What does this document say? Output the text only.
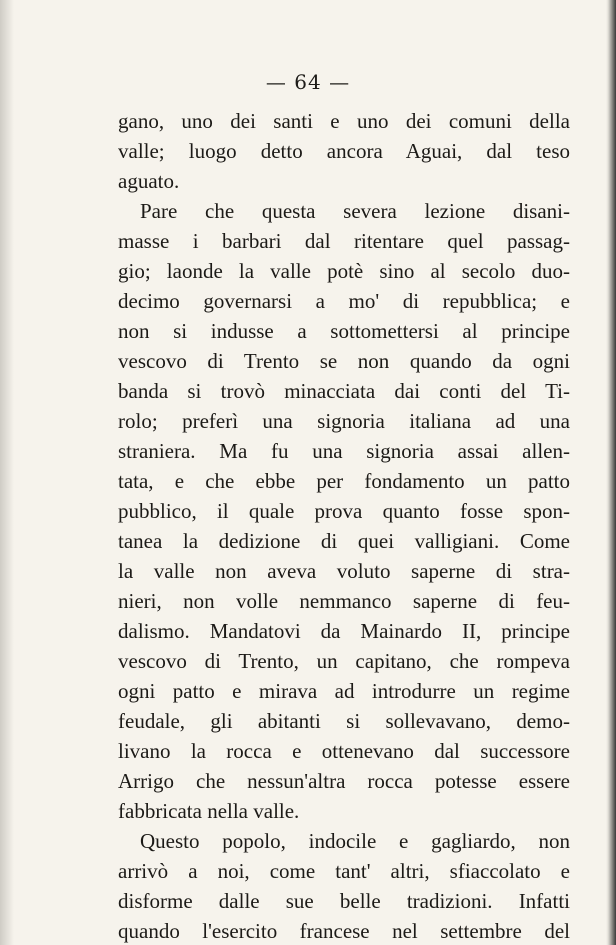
— 64 —
gano, uno dei santi e uno dei comuni della
valle; luogo detto ancora Aguai, dal teso
aguato.
Pare che questa severa lezione disani-
masse i barbari dal ritentare quel passag-
gio; laonde la valle potè sino al secolo duo-
decimo governarsi a mo' di repubblica; e
non si indusse a sottomettersi al principe
vescovo di Trento se non quando da ogni
banda si trovò minacciata dai conti del Ti-
rolo; preferì una signoria italiana ad una
straniera. Ma fu una signoria assai allen-
tata, e che ebbe per fondamento un patto
pubblico, il quale prova quanto fosse spon-
tanea la dedizione di quei valligiani. Come
la valle non aveva voluto saperne di stra-
nieri, non volle nemmanco saperne di feu-
dalismo. Mandatovi da Mainardo II, principe
vescovo di Trento, un capitano, che rompeva
ogni patto e mirava ad introdurre un regime
feudale, gli abitanti si sollevavano, demo-
livano la rocca e ottenevano dal successore
Arrigo che nessun'altra rocca potesse essere
fabbricata nella valle.
Questo popolo, indocile e gagliardo, non
arrivò a noi, come tant' altri, sfiaccolato e
disforme dalle sue belle tradizioni. Infatti
quando l'esercito francese nel settembre del
